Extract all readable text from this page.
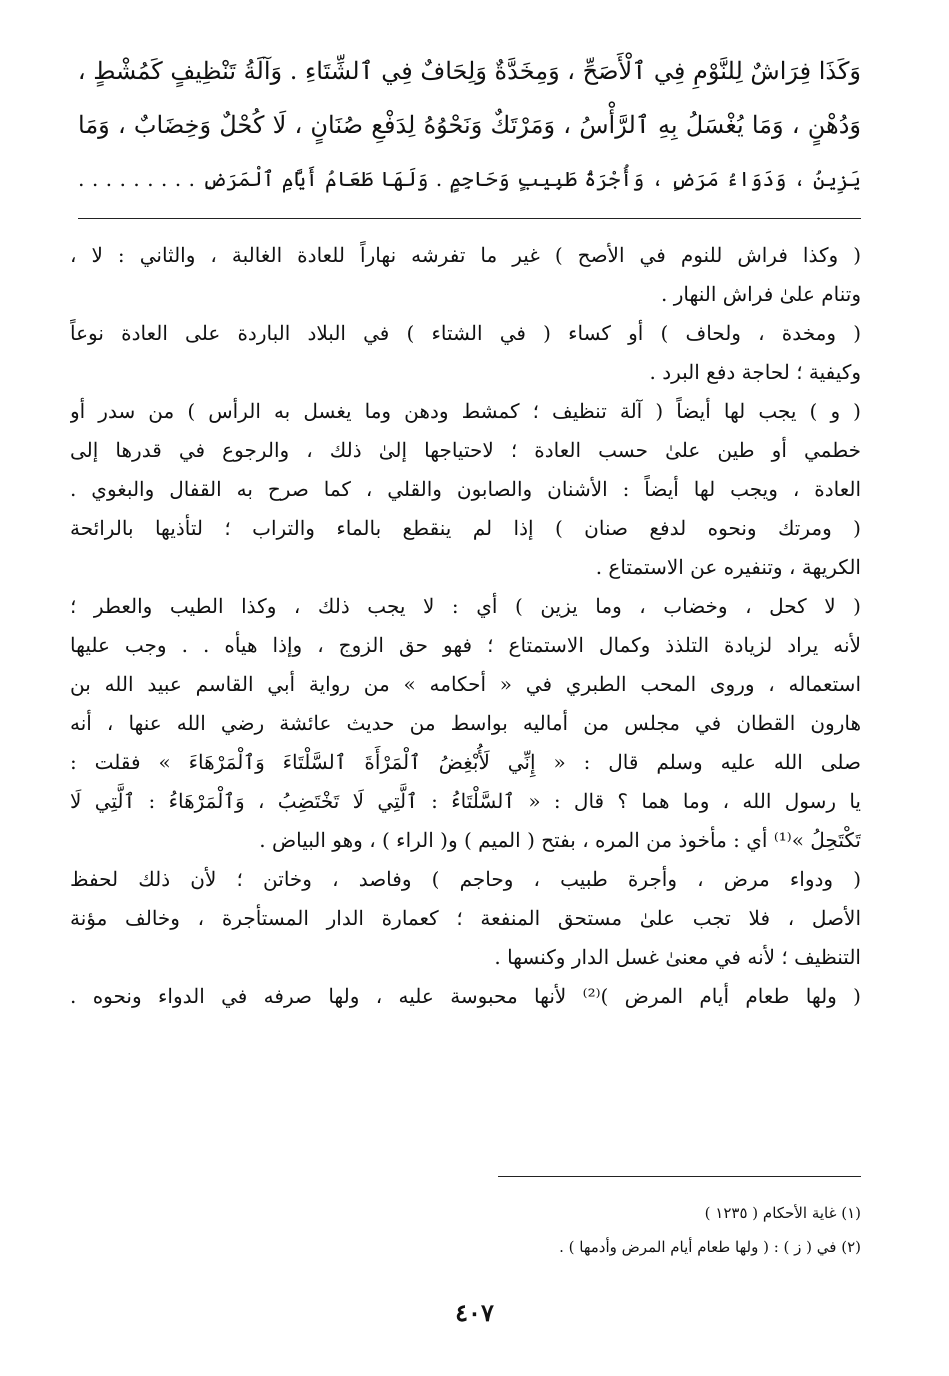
وَكَذَا فِرَاشٌ لِلنَّوْمِ فِي ٱلْأَصَحِّ ، وَمِخَدَّةٌ وَلِحَافٌ فِي ٱلشِّتَاءِ . وَآلَةُ تَنْظِيفٍ كَمُشْطٍ ،
وَدُهْنٍ ، وَمَا يُغْسَلُ بِهِ ٱلرَّأْسُ ، وَمَرْتَكٌ وَنَحْوُهُ لِدَفْعِ صُنَانٍ ، لَا كُحْلٌ وَخِضَابٌ ، وَمَا
يَزِينُ ، وَدَوَاءُ مَرَضٍ ، وَأُجْرَةُ طَبِيبٍ وَحَاجِمٍ . وَلَهَا طَعَامُ أَيَّامِ ٱلْمَرَضِ . . . . . . . . .
( وكذا فراش للنوم في الأصح ) غير ما تفرشه نهاراً للعادة الغالبة ، والثاني : لا ،
وتنام علىٰ فراش النهار .
( ومخدة ، ولحاف ) أو كساء ( في الشتاء ) في البلاد الباردة على العادة نوعاً
وكيفية ؛ لحاجة دفع البرد .
( و ) يجب لها أيضاً ( آلة تنظيف ؛ كمشط ودهن وما يغسل به الرأس ) من سدر أو
خطمي أو طين علىٰ حسب العادة ؛ لاحتياجها إلىٰ ذلك ، والرجوع في قدرها إلى
العادة ، ويجب لها أيضاً : الأشنان والصابون والقلي ، كما صرح به القفال والبغوي .
( ومرتك ونحوه لدفع صنان ) إذا لم ينقطع بالماء والتراب ؛ لتأذيها بالرائحة
الكريهة ، وتنفيره عن الاستمتاع .
( لا كحل ، وخضاب ، وما يزين ) أي : لا يجب ذلك ، وكذا الطيب والعطر ؛
لأنه يراد لزيادة التلذذ وكمال الاستمتاع ؛ فهو حق الزوج ، وإذا هيأه . . وجب عليها
استعماله ، وروى المحب الطبري في « أحكامه » من رواية أبي القاسم عبيد الله بن
هارون القطان في مجلس من أماليه بواسط من حديث عائشة رضي الله عنها ، أنه
صلى الله عليه وسلم قال : « إِنِّي لَأُبْغِضُ ٱلْمَرْأَةَ ٱلسَّلْتَاءَ وَٱلْمَرْهَاءَ » فقلت :
يا رسول الله ، وما هما ؟ قال : « ٱلسَّلْتَاءُ : ٱلَّتِي لَا تَخْتَضِبُ ، وَٱلْمَرْهَاءُ : ٱلَّتِي لَا
تَكْتَحِلُ »⁽¹⁾ أي : مأخوذ من المره ، بفتح ( الميم ) و( الراء ) ، وهو البياض .
( ودواء مرض ، وأجرة طبيب ، وحاجم ) وفاصد ، وخاتن ؛ لأن ذلك لحفظ
الأصل ، فلا تجب علىٰ مستحق المنفعة ؛ كعمارة الدار المستأجرة ، وخالف مؤنة
التنظيف ؛ لأنه في معنىٰ غسل الدار وكنسها .
( ولها طعام أيام المرض )⁽²⁾ لأنها محبوسة عليه ، ولها صرفه في الدواء ونحوه .
(١) غاية الأحكام ( ١٢٣٥ )
(٢) في ( ز ) : ( ولها طعام أيام المرض وأدمها ) .
٤٠٧
